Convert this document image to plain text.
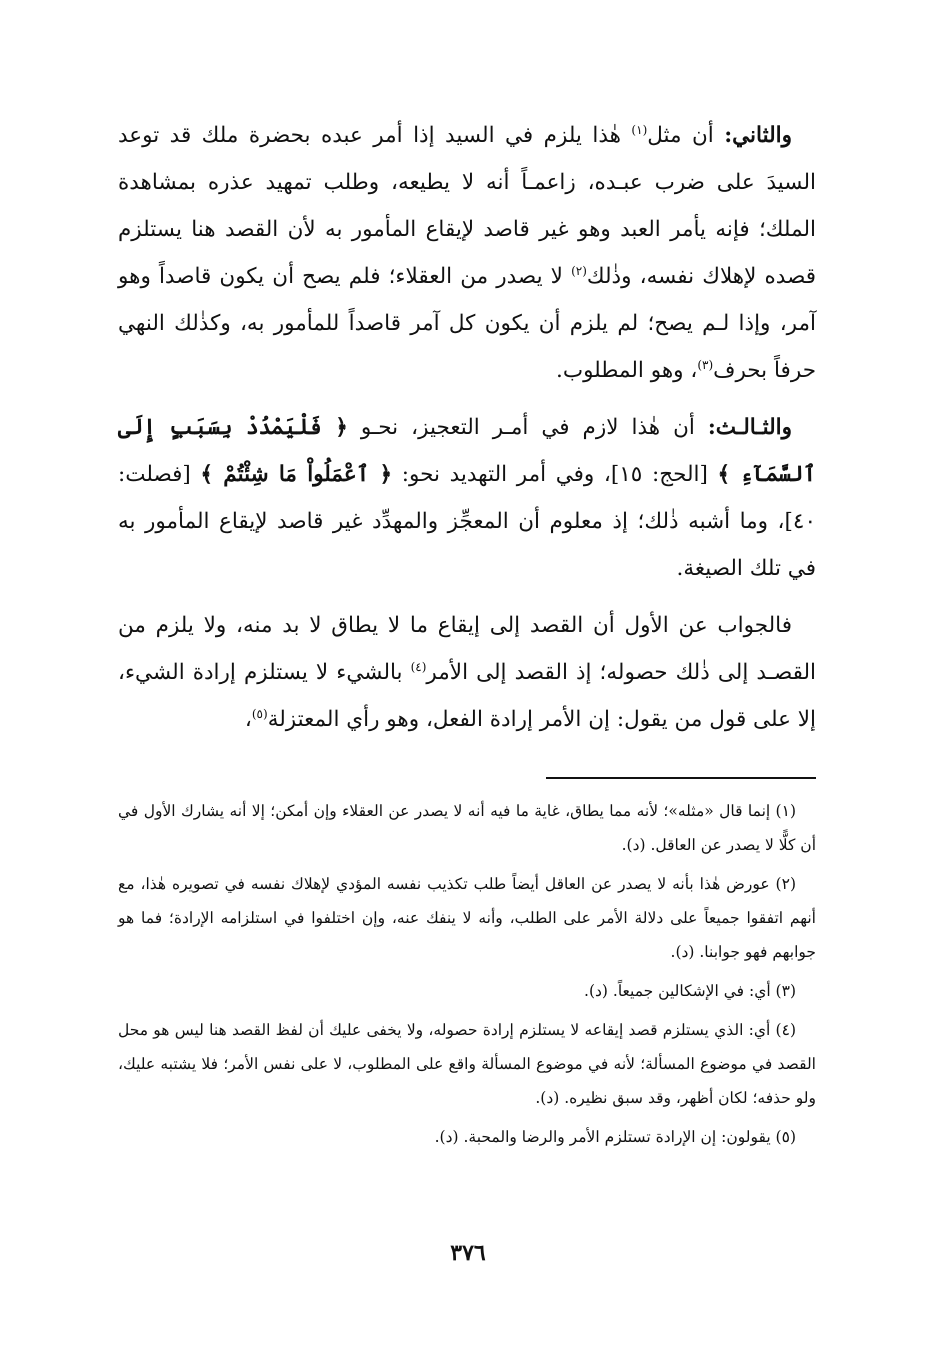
والثاني: أن مثل$^{(١)}$ هٰذا يلزم في السيد إذا أمر عبده بحضرة ملك قد توعد السيدَ على ضرب عبـده، زاعمـاً أنه لا يطيعه، وطلب تمهيد عذره بمشاهدة الملك؛ فإنه يأمر العبد وهو غير قاصد لإيقاع المأمور به لأن القصد هنا يستلزم قصده لإهلاك نفسه، وذٰلك$^{(٢)}$ لا يصدر من العقلاء؛ فلم يصح أن يكون قاصداً وهو آمر، وإذا لـم يصح؛ لم يلزم أن يكون كل آمر قاصداً للمأمور به، وكذٰلك النهي حرفاً بحرف$^{(٣)}$، وهو المطلوب.

والثـالـث: أن هٰذا لازم في أمـر التعجيز، نحـو ﴿ فَلْيَمْدُدْ بِسَبَبٍ إِلَى ٱلسَّمَآءِ ﴾ [الحج: ١٥]، وفي أمر التهديد نحو: ﴿ ٱعْمَلُواْ مَا شِئْتُمْ ﴾ [فصلت: ٤٠]، وما أشبه ذٰلك؛ إذ معلوم أن المعجِّز والمهدِّد غير قاصد لإيقاع المأمور به في تلك الصيغة.

فالجواب عن الأول أن القصد إلى إيقاع ما لا يطاق لا بد منه، ولا يلزم من القصـد إلى ذٰلك حصوله؛ إذ القصد إلى الأمر$^{(٤)}$ بالشيء لا يستلزم إرادة الشيء، إلا على قول من يقول: إن الأمر إرادة الفعل، وهو رأي المعتزلة$^{(٥)}$،

(١) إنما قال «مثله»؛ لأنه مما يطاق، غاية ما فيه أنه لا يصدر عن العقلاء وإن أمكن؛ إلا أنه يشارك الأول في أن كلًّا لا يصدر عن العاقل. (د).

(٢) عورض هٰذا بأنه لا يصدر عن العاقل أيضاً طلب تكذيب نفسه المؤدي لإهلاك نفسه في تصويره هٰذا، مع أنهم اتفقوا جميعاً على دلالة الأمر على الطلب، وأنه لا ينفك عنه، وإن اختلفوا في استلزامه الإرادة؛ فما هو جوابهم فهو جوابنا. (د).

(٣) أي: في الإشكالين جميعاً. (د).

(٤) أي: الذي يستلزم قصد إيقاعه لا يستلزم إرادة حصوله، ولا يخفى عليك أن لفظ القصد هنا ليس هو محل القصد في موضوع المسألة؛ لأنه في موضوع المسألة واقع على المطلوب، لا على نفس الأمر؛ فلا يشتبه عليك، ولو حذفه؛ لكان أظهر، وقد سبق نظيره. (د).

(٥) يقولون: إن الإرادة تستلزم الأمر والرضا والمحبة. (د).

٣٧٦
